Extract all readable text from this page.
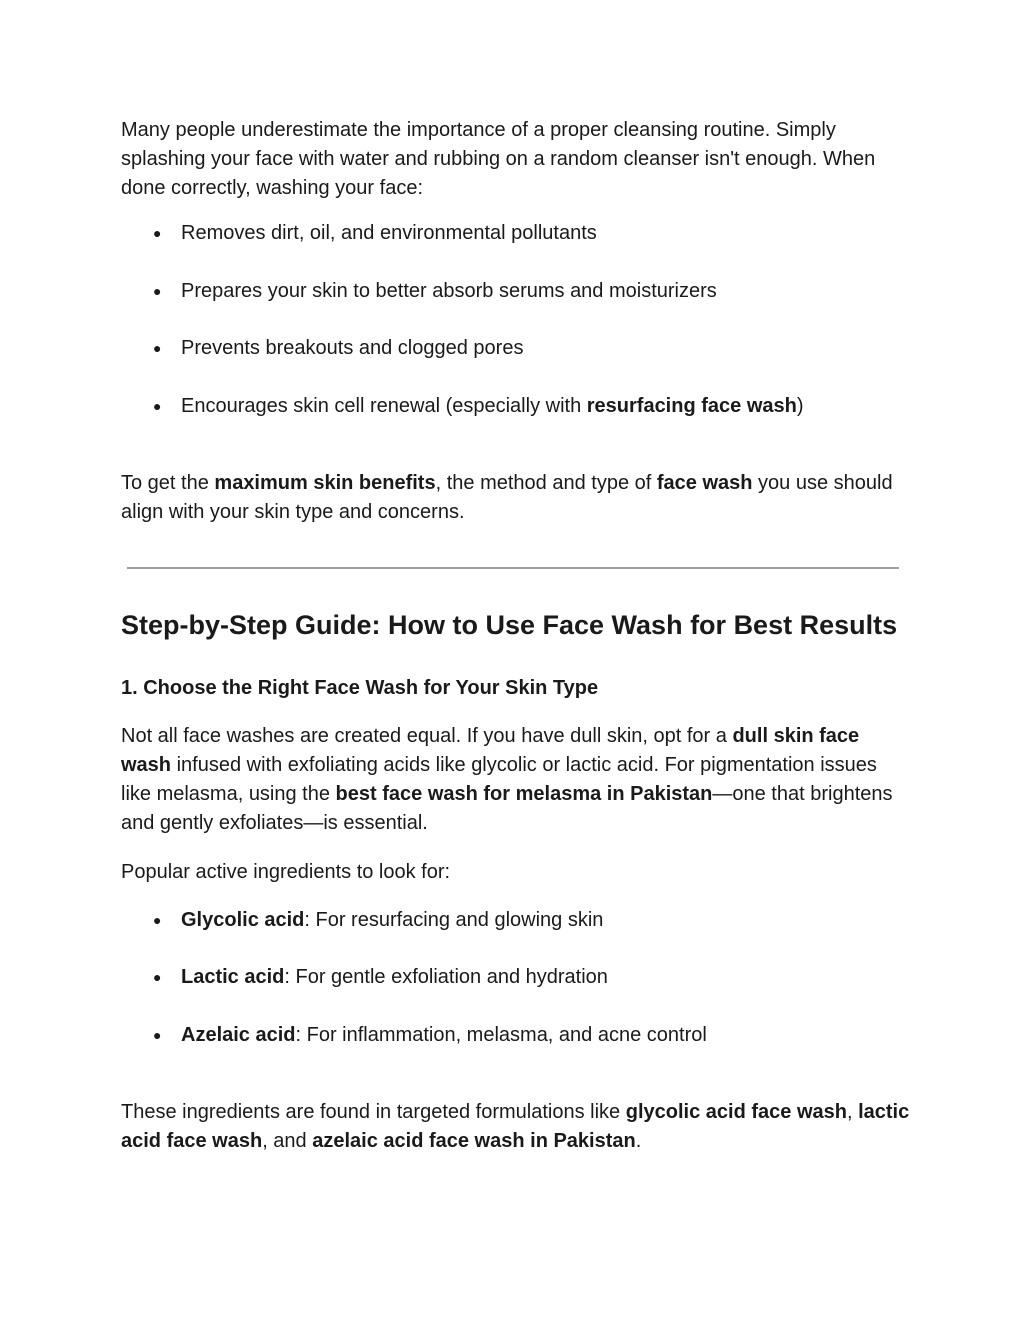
Many people underestimate the importance of a proper cleansing routine. Simply splashing your face with water and rubbing on a random cleanser isn't enough. When done correctly, washing your face:

● Removes dirt, oil, and environmental pollutants
● Prepares your skin to better absorb serums and moisturizers
● Prevents breakouts and clogged pores
● Encourages skin cell renewal (especially with resurfacing face wash)

To get the maximum skin benefits, the method and type of face wash you use should align with your skin type and concerns.

Step-by-Step Guide: How to Use Face Wash for Best Results
1. Choose the Right Face Wash for Your Skin Type

Not all face washes are created equal. If you have dull skin, opt for a dull skin face wash infused with exfoliating acids like glycolic or lactic acid. For pigmentation issues like melasma, using the best face wash for melasma in Pakistan—one that brightens and gently exfoliates—is essential.

Popular active ingredients to look for:

● Glycolic acid: For resurfacing and glowing skin
● Lactic acid: For gentle exfoliation and hydration
● Azelaic acid: For inflammation, melasma, and acne control

These ingredients are found in targeted formulations like glycolic acid face wash, lactic acid face wash, and azelaic acid face wash in Pakistan.
